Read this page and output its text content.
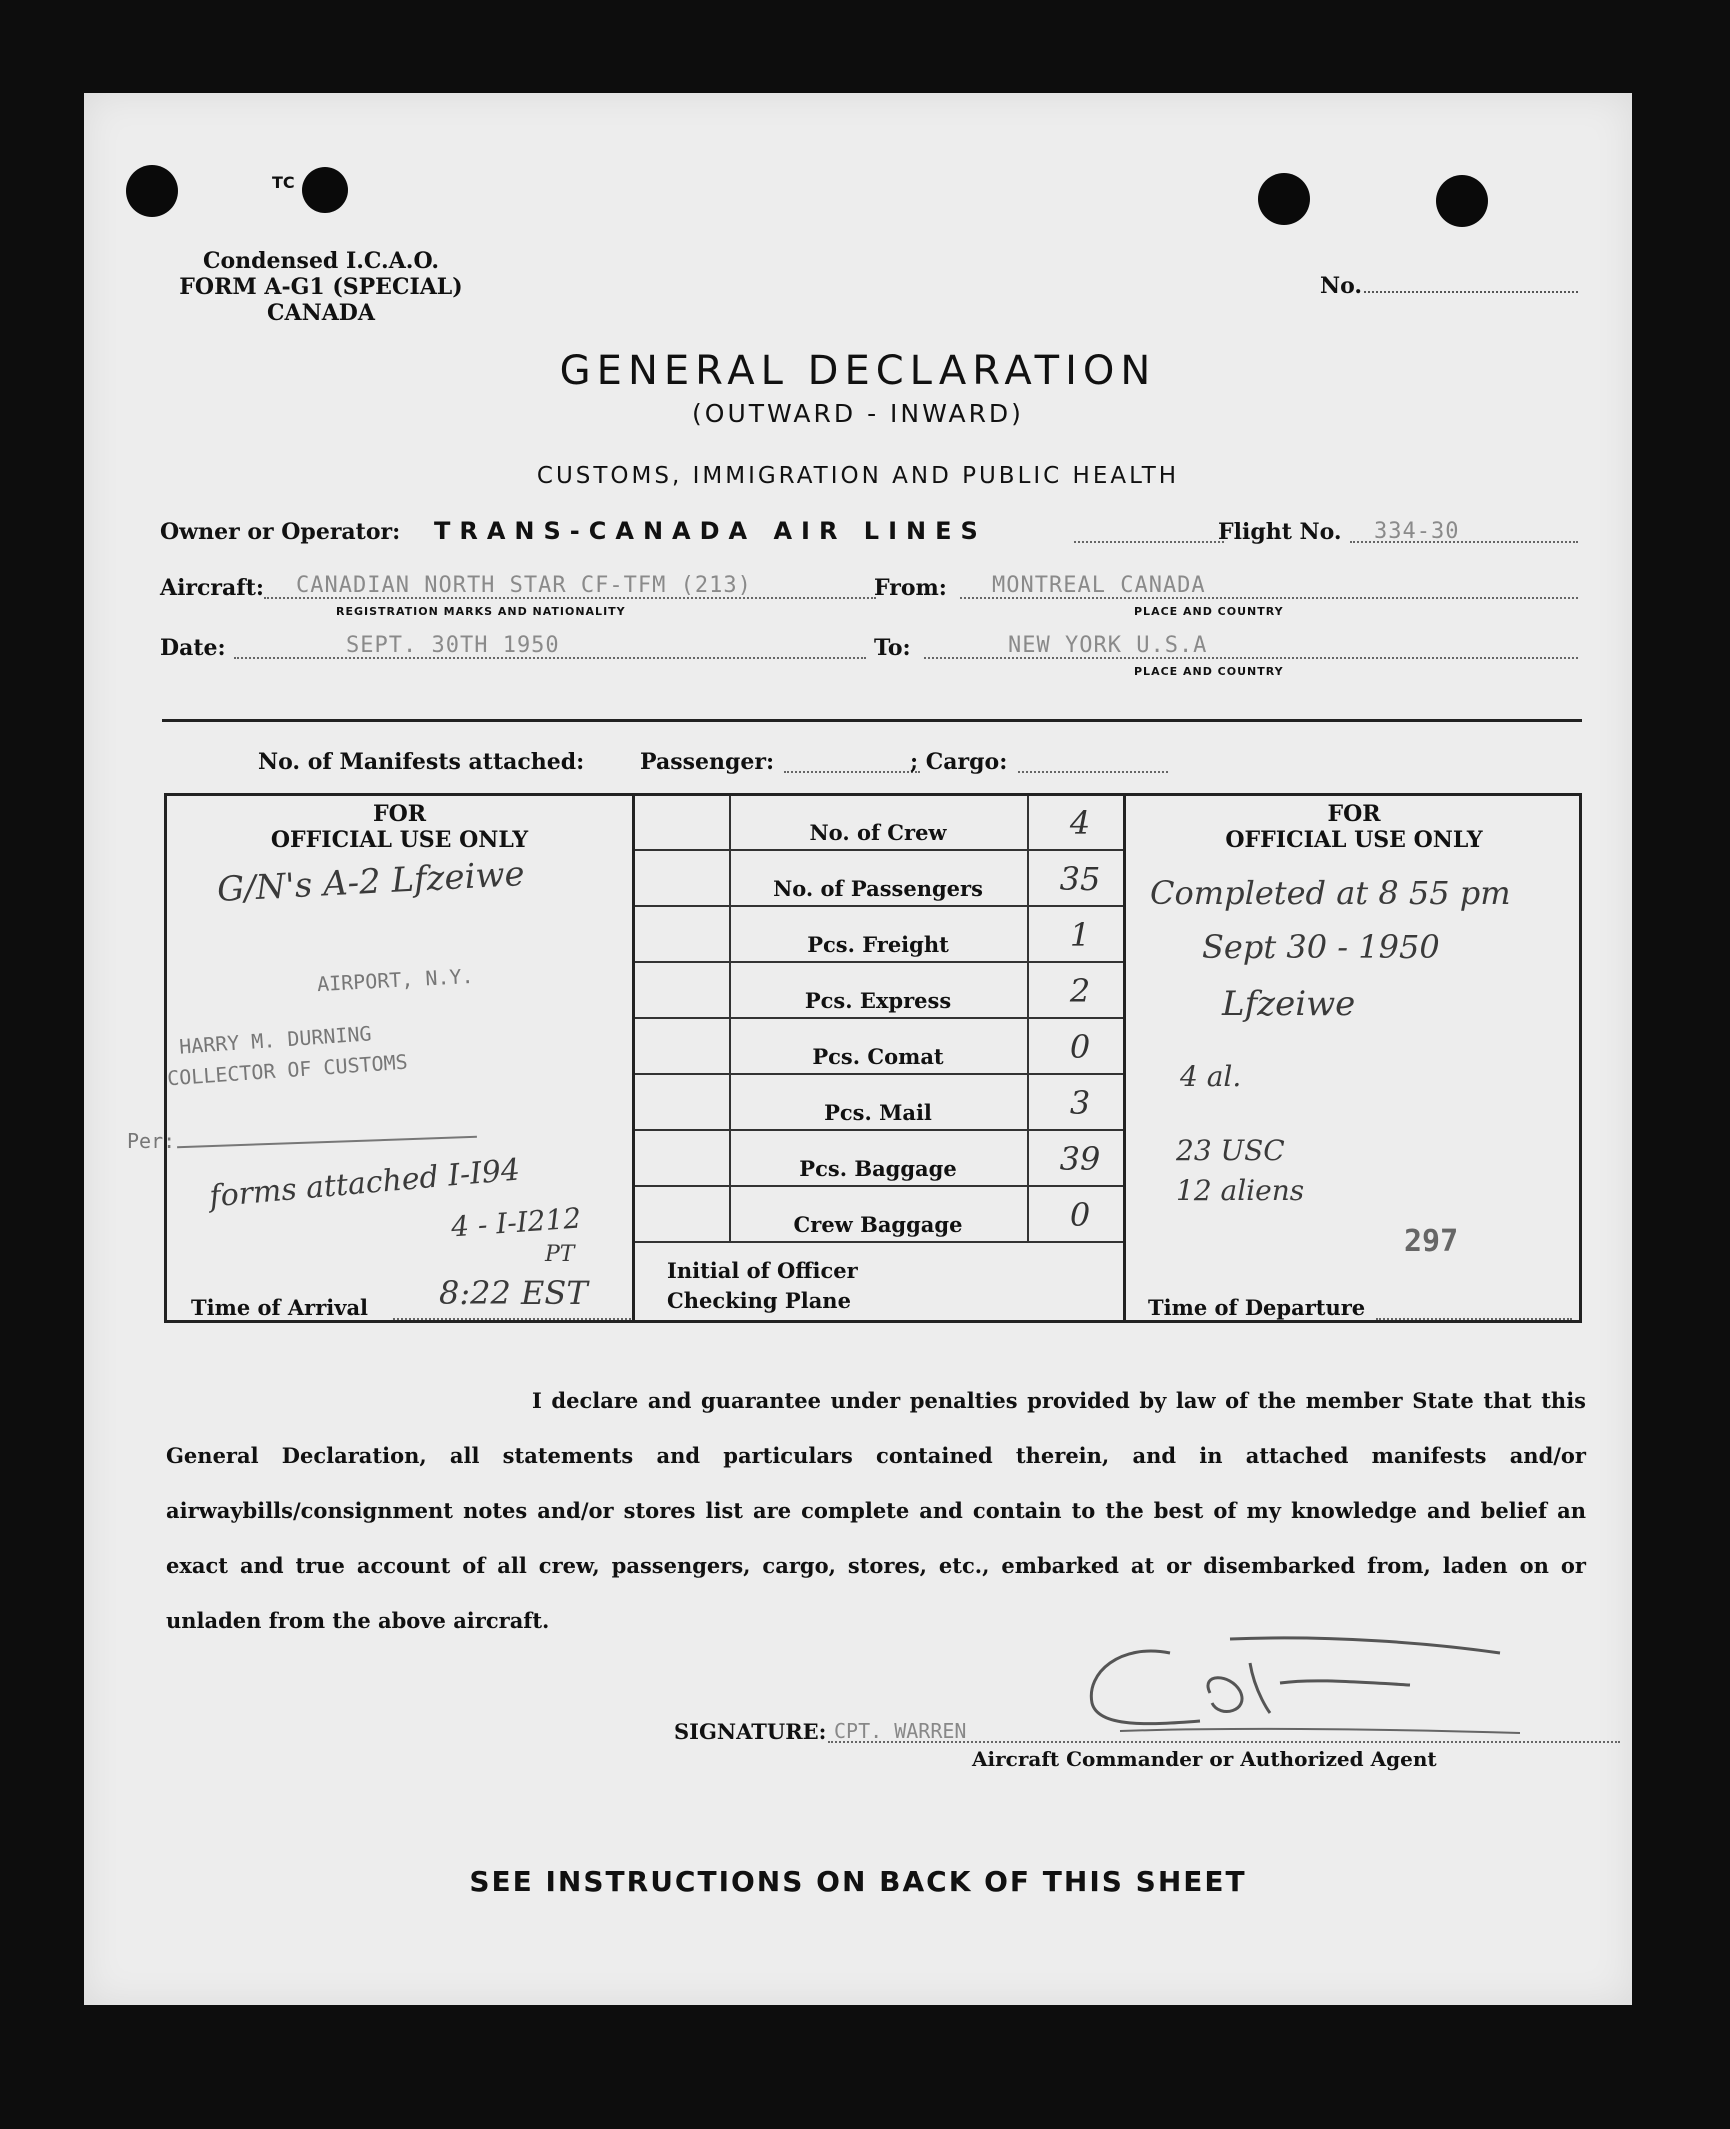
TC
Condensed I.C.A.O.
FORM A-G1 (SPECIAL)
CANADA
No.
GENERAL DECLARATION
(OUTWARD - INWARD)
CUSTOMS, IMMIGRATION AND PUBLIC HEALTH
Owner or Operator: TRANS-CANADA AIR LINES	Flight No. 334-30
Aircraft: CANADIAN NORTH STAR CF-TFM (213)
REGISTRATION MARKS AND NATIONALITY
From: MONTREAL CANADA
PLACE AND COUNTRY
Date:	SEPT. 30TH 1950	To:	NEW YORK U.S.A
PLACE AND COUNTRY
No. of Manifests attached:	Passenger:	; Cargo:
FOR
OFFICIAL USE ONLY
G/N's A-2 Lfzeiwe
AIRPORT, N.Y.
HARRY M. DURNING
COLLECTOR OF CUSTOMS
Per:
forms attached I-I94
4 - I-I212
PT
Time of Arrival 8:22 EST
No. of Crew	4
No. of Passengers	35
Pcs. Freight	1
Pcs. Express	2
Pcs. Comat	0
Pcs. Mail	3
Pcs. Baggage	39
Crew Baggage	0
Initial of Officer
Checking Plane
FOR
OFFICIAL USE ONLY
Completed at 8 55 pm
Sept 30 - 1950
Lfzeiwe
4 al.
23 USC
12 aliens
297
Time of Departure

I declare and guarantee under penalties provided by law of the member State that this General Declaration, all statements and particulars contained therein, and in attached manifests and/or airwaybills/consignment notes and/or stores list are complete and contain to the best of my knowledge and belief an exact and true account of all crew, passengers, cargo, stores, etc., embarked at or disembarked from, laden on or unladen from the above aircraft.

SIGNATURE: CPT. WARREN
Aircraft Commander or Authorized Agent
SEE INSTRUCTIONS ON BACK OF THIS SHEET
